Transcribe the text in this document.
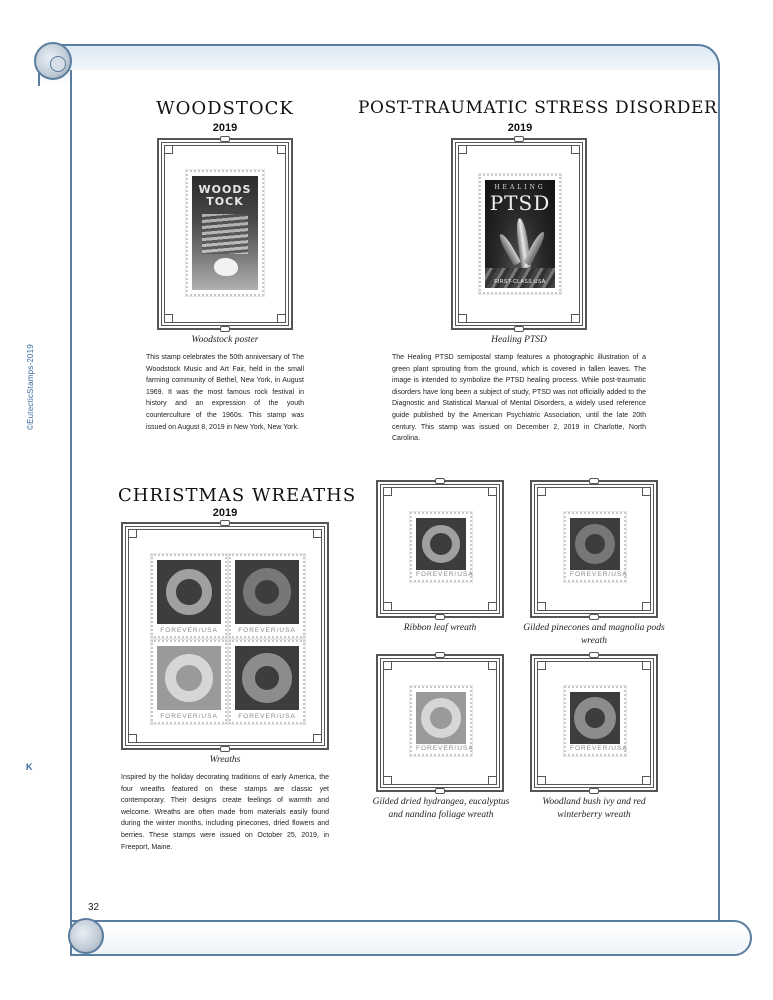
©EutecticStamps-2019
K
WOODSTOCK
2019
WOODSTOCK
Woodstock poster
This stamp celebrates the 50th anniversary of The Woodstock Music and Art Fair, held in the small farming community of Bethel, New York, in August 1969. It was the most famous rock festival in history and an expression of the youth counterculture of the 1960s. This stamp was issued on August 8, 2019 in New York, New York.
POST-TRAUMATIC STRESS DISORDER
2019
HEALING
PTSD
FIRST-CLASS USA
Healing PTSD
The Healing PTSD semipostal stamp features a photographic illustration of a green plant sprouting from the ground, which is covered in fallen leaves. The image is intended to symbolize the PTSD healing process. While post-traumatic disorders have long been a subject of study, PTSD was not officially added to the Diagnostic and Statistical Manual of Mental Disorders, a widely used reference guide published by the American Psychiatric Association, until the late 20th century. This stamp was issued on December 2, 2019 in Charlotte, North Carolina.
CHRISTMAS WREATHS
2019
FOREVER/USA	FOREVER/USA
FOREVER/USA	FOREVER/USA
Wreaths
Inspired by the holiday decorating traditions of early America, the four wreaths featured on these stamps are classic yet contemporary. Their designs create feelings of warmth and welcome. Wreaths are often made from materials easily found during the winter months, including pinecones, dried flowers and berries. These stamps were issued on October 25, 2019, in Freeport, Maine.
FOREVER/USA
Ribbon leaf wreath
FOREVER/USA
Gilded pinecones and magnolia pods wreath
FOREVER/USA
Gilded dried hydrangea, eucalyptus and nandina foliage wreath
FOREVER/USA
Woodland bush ivy and red winterberry wreath
32
